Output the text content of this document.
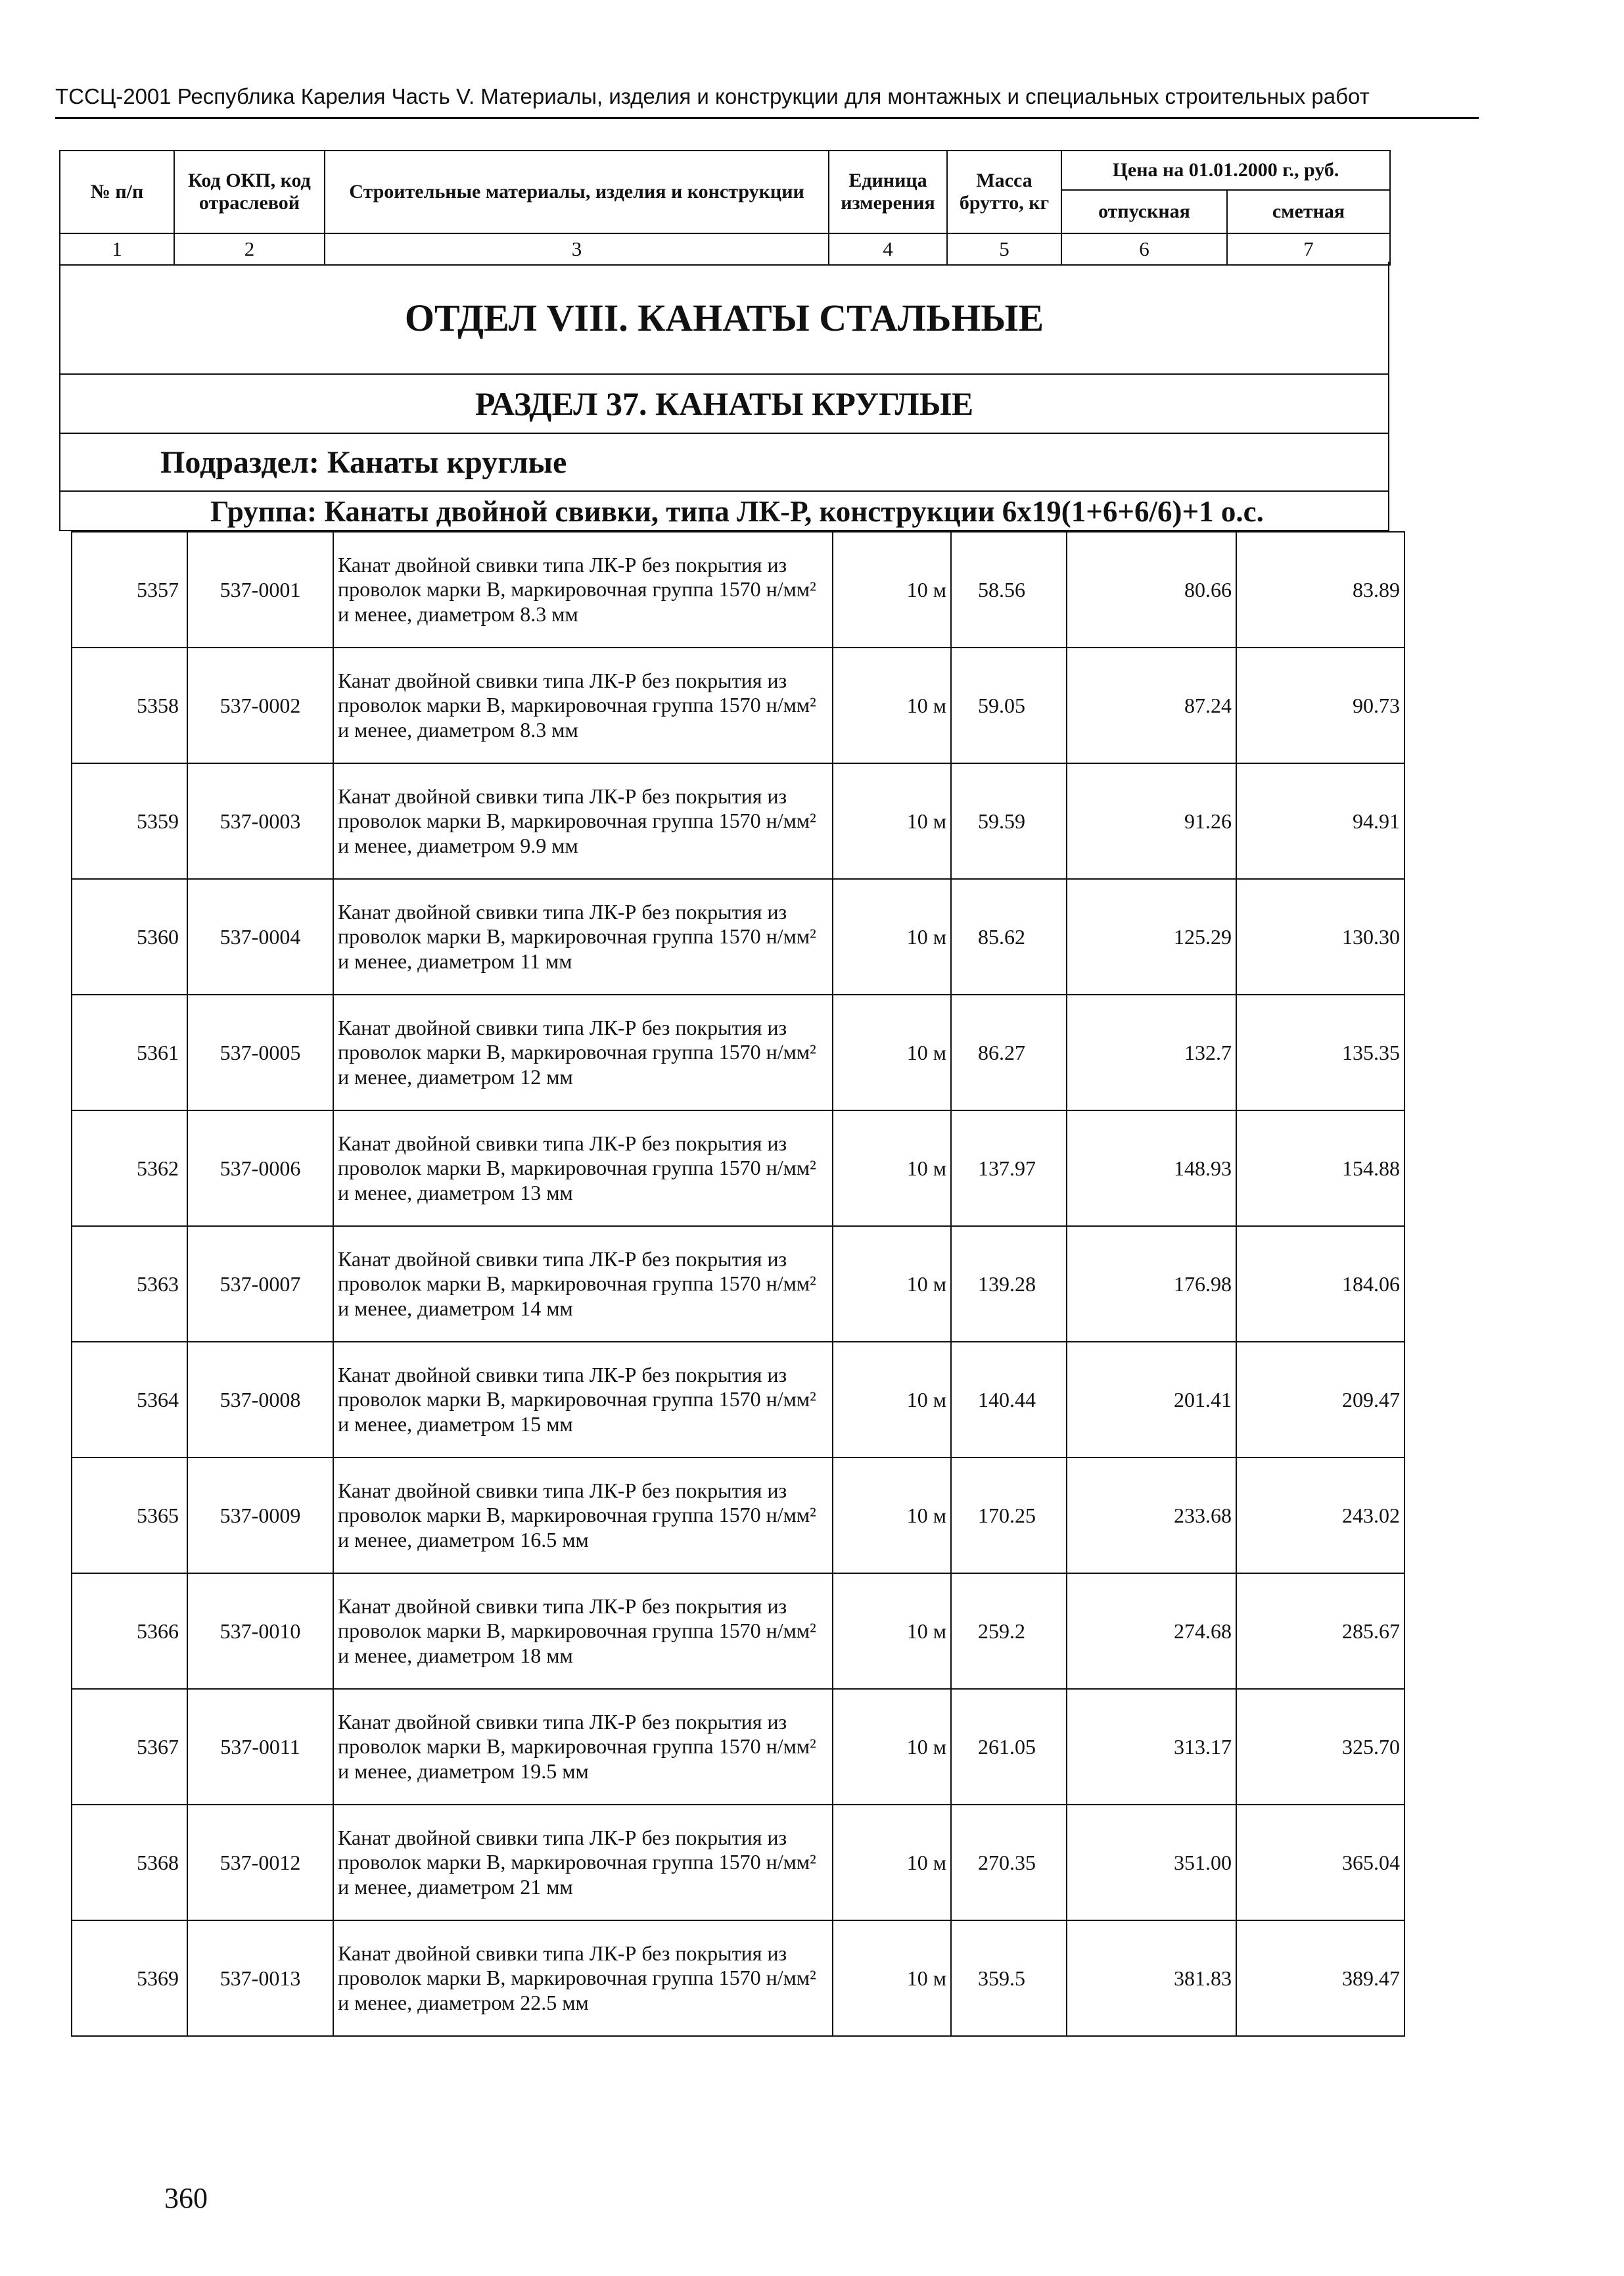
ТССЦ-2001 Республика Карелия Часть V. Материалы, изделия и конструкции для монтажных и специальных строительных работ
№ п/п	Код ОКП, код отраслевой	Строительные материалы, изделия и конструкции	Единица измерения	Масса брутто, кг	Цена на 01.01.2000 г., руб.	
					отпускная	сметная
1	2	3	4	5	6	7
ОТДЕЛ VIII. КАНАТЫ СТАЛЬНЫЕ
РАЗДЕЛ 37. КАНАТЫ КРУГЛЫЕ
Подраздел: Канаты круглые
Группа: Канаты двойной свивки, типа ЛК-Р, конструкции 6х19(1+6+6/6)+1 о.с.
5357	537-0001	Канат двойной свивки типа ЛК-Р без покрытия из проволок марки В, маркировочная группа 1570 н/мм² и менее, диаметром 8.3 мм	10 м	58.56	80.66	83.89
5358	537-0002	Канат двойной свивки типа ЛК-Р без покрытия из проволок марки В, маркировочная группа 1570 н/мм² и менее, диаметром 8.3 мм	10 м	59.05	87.24	90.73
5359	537-0003	Канат двойной свивки типа ЛК-Р без покрытия из проволок марки В, маркировочная группа 1570 н/мм² и менее, диаметром 9.9 мм	10 м	59.59	91.26	94.91
5360	537-0004	Канат двойной свивки типа ЛК-Р без покрытия из проволок марки В, маркировочная группа 1570 н/мм² и менее, диаметром 11 мм	10 м	85.62	125.29	130.30
5361	537-0005	Канат двойной свивки типа ЛК-Р без покрытия из проволок марки В, маркировочная группа 1570 н/мм² и менее, диаметром 12 мм	10 м	86.27	132.7	135.35
5362	537-0006	Канат двойной свивки типа ЛК-Р без покрытия из проволок марки В, маркировочная группа 1570 н/мм² и менее, диаметром 13 мм	10 м	137.97	148.93	154.88
5363	537-0007	Канат двойной свивки типа ЛК-Р без покрытия из проволок марки В, маркировочная группа 1570 н/мм² и менее, диаметром 14 мм	10 м	139.28	176.98	184.06
5364	537-0008	Канат двойной свивки типа ЛК-Р без покрытия из проволок марки В, маркировочная группа 1570 н/мм² и менее, диаметром 15 мм	10 м	140.44	201.41	209.47
5365	537-0009	Канат двойной свивки типа ЛК-Р без покрытия из проволок марки В, маркировочная группа 1570 н/мм² и менее, диаметром 16.5 мм	10 м	170.25	233.68	243.02
5366	537-0010	Канат двойной свивки типа ЛК-Р без покрытия из проволок марки В, маркировочная группа 1570 н/мм² и менее, диаметром 18 мм	10 м	259.2	274.68	285.67
5367	537-0011	Канат двойной свивки типа ЛК-Р без покрытия из проволок марки В, маркировочная группа 1570 н/мм² и менее, диаметром 19.5 мм	10 м	261.05	313.17	325.70
5368	537-0012	Канат двойной свивки типа ЛК-Р без покрытия из проволок марки В, маркировочная группа 1570 н/мм² и менее, диаметром 21 мм	10 м	270.35	351.00	365.04
5369	537-0013	Канат двойной свивки типа ЛК-Р без покрытия из проволок марки В, маркировочная группа 1570 н/мм² и менее, диаметром 22.5 мм	10 м	359.5	381.83	389.47
360
